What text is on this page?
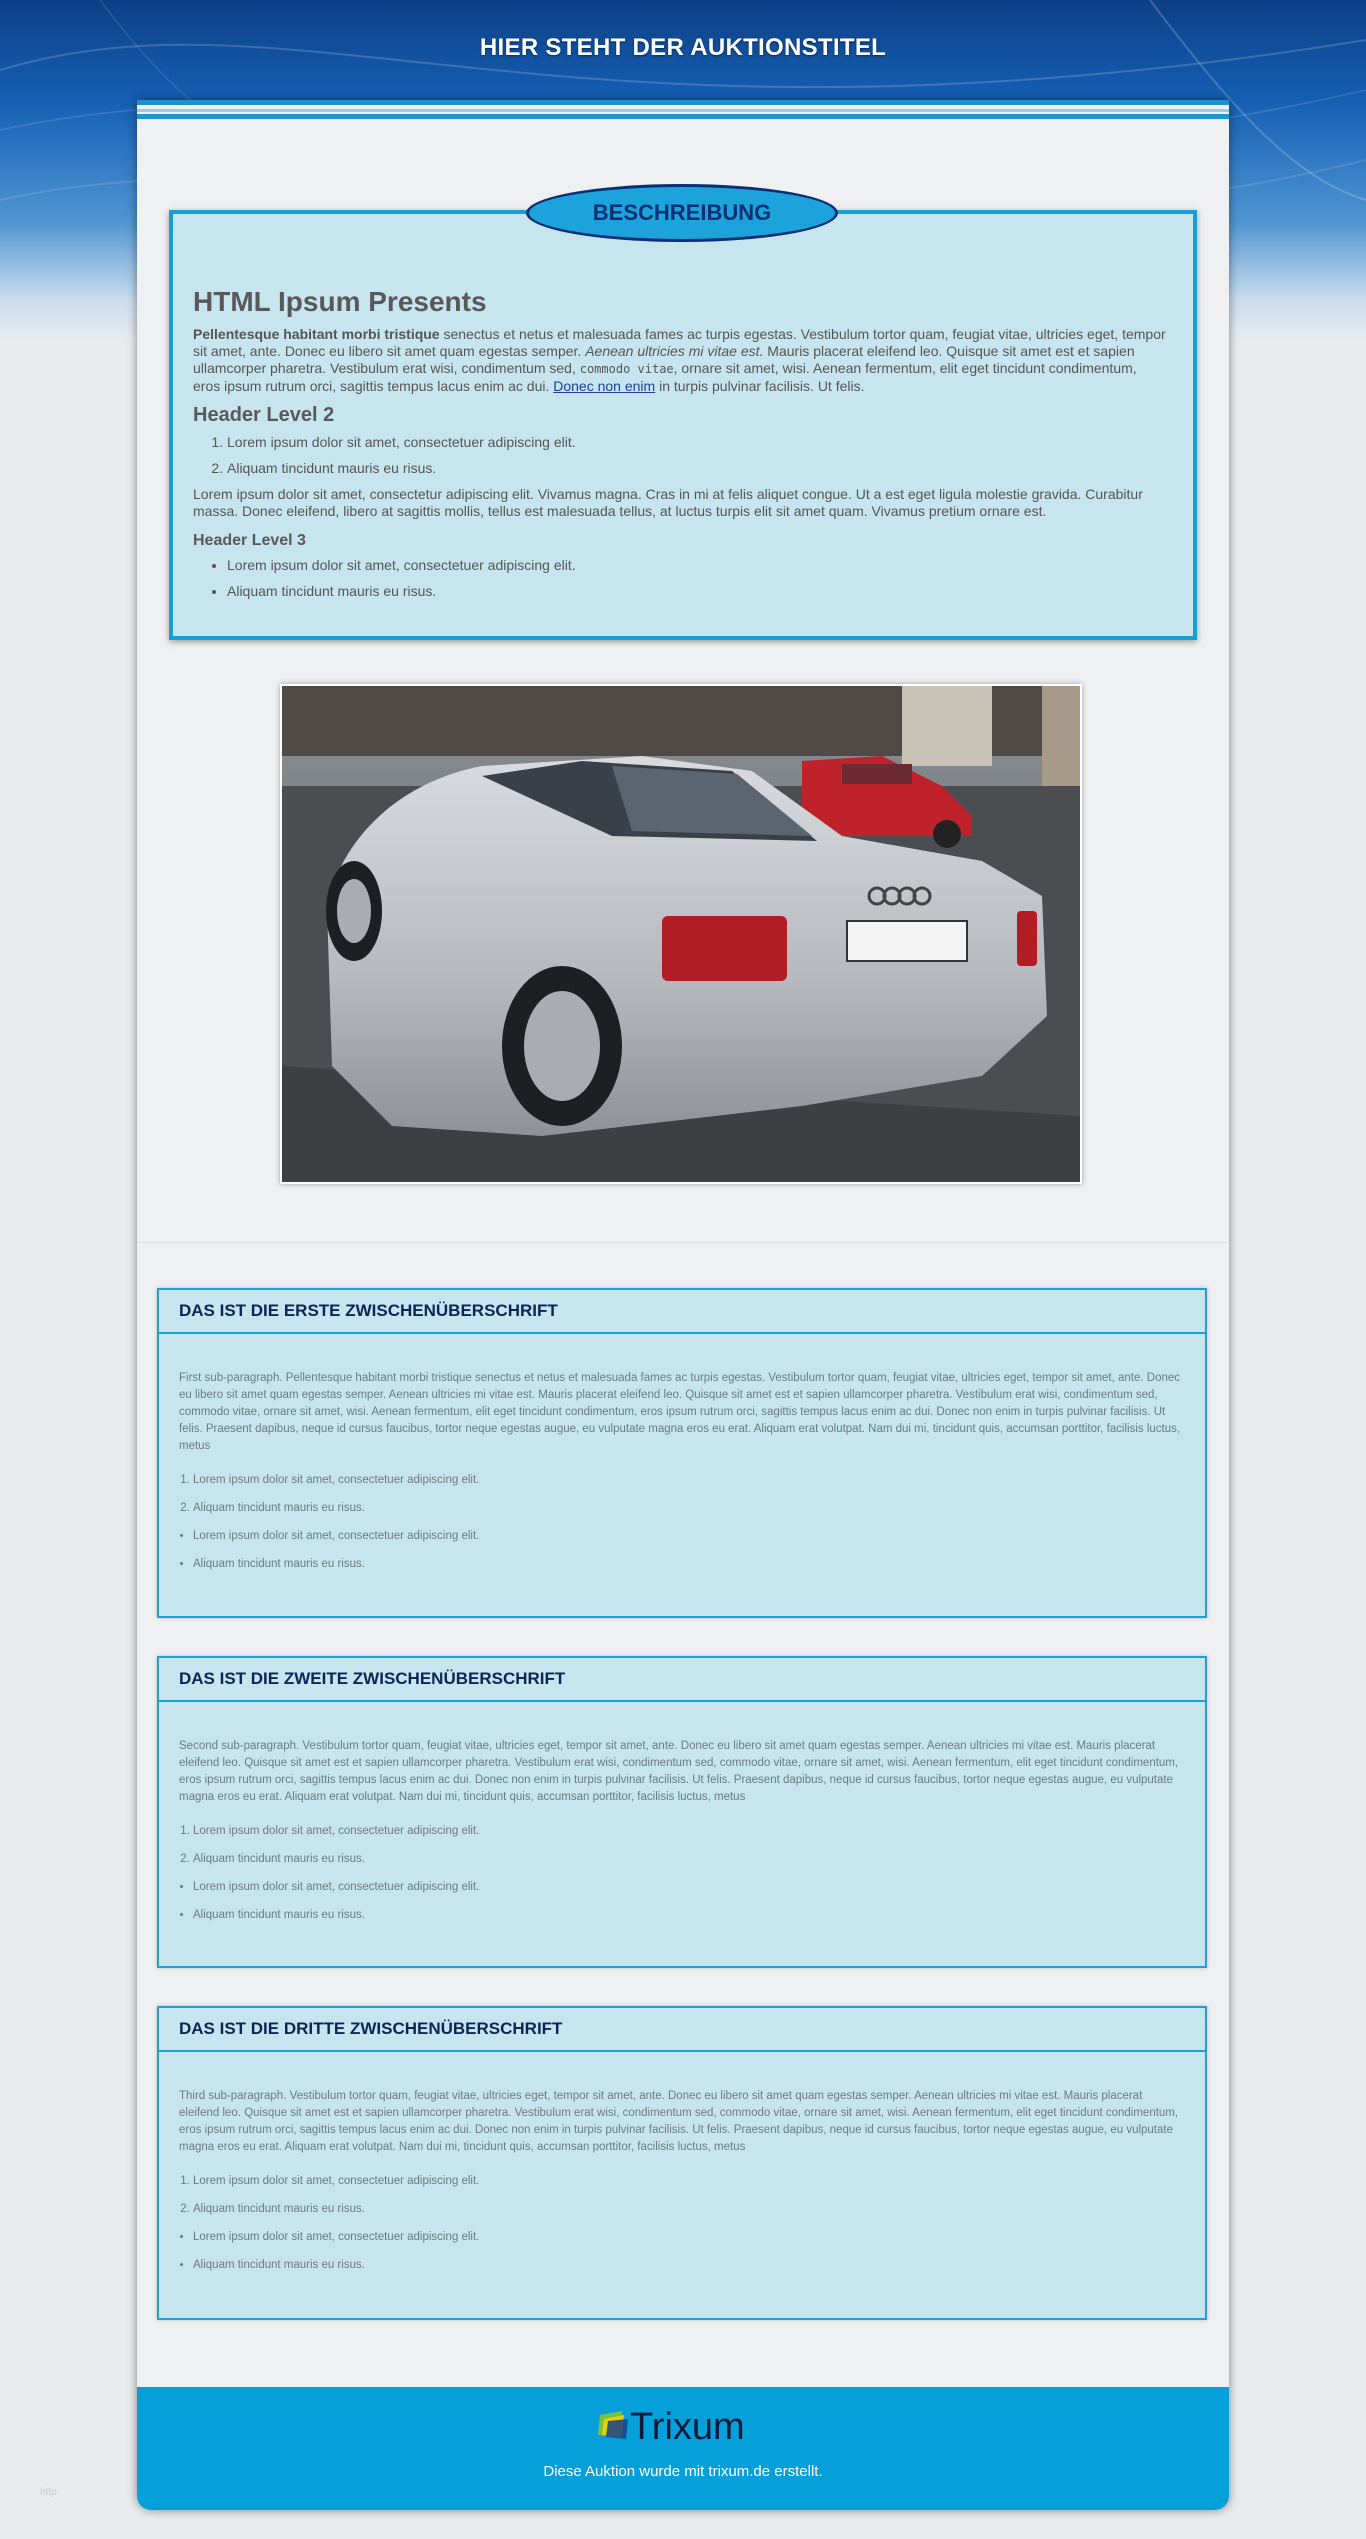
HIER STEHT DER AUKTIONSTITEL
BESCHREIBUNG
HTML Ipsum Presents

Pellentesque habitant morbi tristique senectus et netus et malesuada fames ac turpis egestas. Vestibulum tortor quam, feugiat vitae, ultricies eget, tempor sit amet, ante. Donec eu libero sit amet quam egestas semper. Aenean ultricies mi vitae est. Mauris placerat eleifend leo. Quisque sit amet est et sapien ullamcorper pharetra. Vestibulum erat wisi, condimentum sed, commodo vitae, ornare sit amet, wisi. Aenean fermentum, elit eget tincidunt condimentum, eros ipsum rutrum orci, sagittis tempus lacus enim ac dui. Donec non enim in turpis pulvinar facilisis. Ut felis.

Header Level 2
1. Lorem ipsum dolor sit amet, consectetuer adipiscing elit.
2. Aliquam tincidunt mauris eu risus.

Lorem ipsum dolor sit amet, consectetur adipiscing elit. Vivamus magna. Cras in mi at felis aliquet congue. Ut a est eget ligula molestie gravida. Curabitur massa. Donec eleifend, libero at sagittis mollis, tellus est malesuada tellus, at luctus turpis elit sit amet quam. Vivamus pretium ornare est.

Header Level 3
• Lorem ipsum dolor sit amet, consectetuer adipiscing elit.
• Aliquam tincidunt mauris eu risus.
DAS IST DIE ERSTE ZWISCHENÜBERSCHRIFT

First sub-paragraph. Pellentesque habitant morbi tristique senectus et netus et malesuada fames ac turpis egestas. Vestibulum tortor quam, feugiat vitae, ultricies eget, tempor sit amet, ante. Donec eu libero sit amet quam egestas semper. Aenean ultricies mi vitae est. Mauris placerat eleifend leo. Quisque sit amet est et sapien ullamcorper pharetra. Vestibulum erat wisi, condimentum sed, commodo vitae, ornare sit amet, wisi. Aenean fermentum, elit eget tincidunt condimentum, eros ipsum rutrum orci, sagittis tempus lacus enim ac dui. Donec non enim in turpis pulvinar facilisis. Ut felis. Praesent dapibus, neque id cursus faucibus, tortor neque egestas augue, eu vulputate magna eros eu erat. Aliquam erat volutpat. Nam dui mi, tincidunt quis, accumsan porttitor, facilisis luctus, metus

1. Lorem ipsum dolor sit amet, consectetuer adipiscing elit.
2. Aliquam tincidunt mauris eu risus.
• Lorem ipsum dolor sit amet, consectetuer adipiscing elit.
• Aliquam tincidunt mauris eu risus.
DAS IST DIE ZWEITE ZWISCHENÜBERSCHRIFT

Second sub-paragraph. Vestibulum tortor quam, feugiat vitae, ultricies eget, tempor sit amet, ante. Donec eu libero sit amet quam egestas semper. Aenean ultricies mi vitae est. Mauris placerat eleifend leo. Quisque sit amet est et sapien ullamcorper pharetra. Vestibulum erat wisi, condimentum sed, commodo vitae, ornare sit amet, wisi. Aenean fermentum, elit eget tincidunt condimentum, eros ipsum rutrum orci, sagittis tempus lacus enim ac dui. Donec non enim in turpis pulvinar facilisis. Ut felis. Praesent dapibus, neque id cursus faucibus, tortor neque egestas augue, eu vulputate magna eros eu erat. Aliquam erat volutpat. Nam dui mi, tincidunt quis, accumsan porttitor, facilisis luctus, metus

1. Lorem ipsum dolor sit amet, consectetuer adipiscing elit.
2. Aliquam tincidunt mauris eu risus.
• Lorem ipsum dolor sit amet, consectetuer adipiscing elit.
• Aliquam tincidunt mauris eu risus.
DAS IST DIE DRITTE ZWISCHENÜBERSCHRIFT

Third sub-paragraph. Vestibulum tortor quam, feugiat vitae, ultricies eget, tempor sit amet, ante. Donec eu libero sit amet quam egestas semper. Aenean ultricies mi vitae est. Mauris placerat eleifend leo. Quisque sit amet est et sapien ullamcorper pharetra. Vestibulum erat wisi, condimentum sed, commodo vitae, ornare sit amet, wisi. Aenean fermentum, elit eget tincidunt condimentum, eros ipsum rutrum orci, sagittis tempus lacus enim ac dui. Donec non enim in turpis pulvinar facilisis. Ut felis. Praesent dapibus, neque id cursus faucibus, tortor neque egestas augue, eu vulputate magna eros eu erat. Aliquam erat volutpat. Nam dui mi, tincidunt quis, accumsan porttitor, facilisis luctus, metus

1. Lorem ipsum dolor sit amet, consectetuer adipiscing elit.
2. Aliquam tincidunt mauris eu risus.
• Lorem ipsum dolor sit amet, consectetuer adipiscing elit.
• Aliquam tincidunt mauris eu risus.
Trixum
Diese Auktion wurde mit trixum.de erstellt.
http
